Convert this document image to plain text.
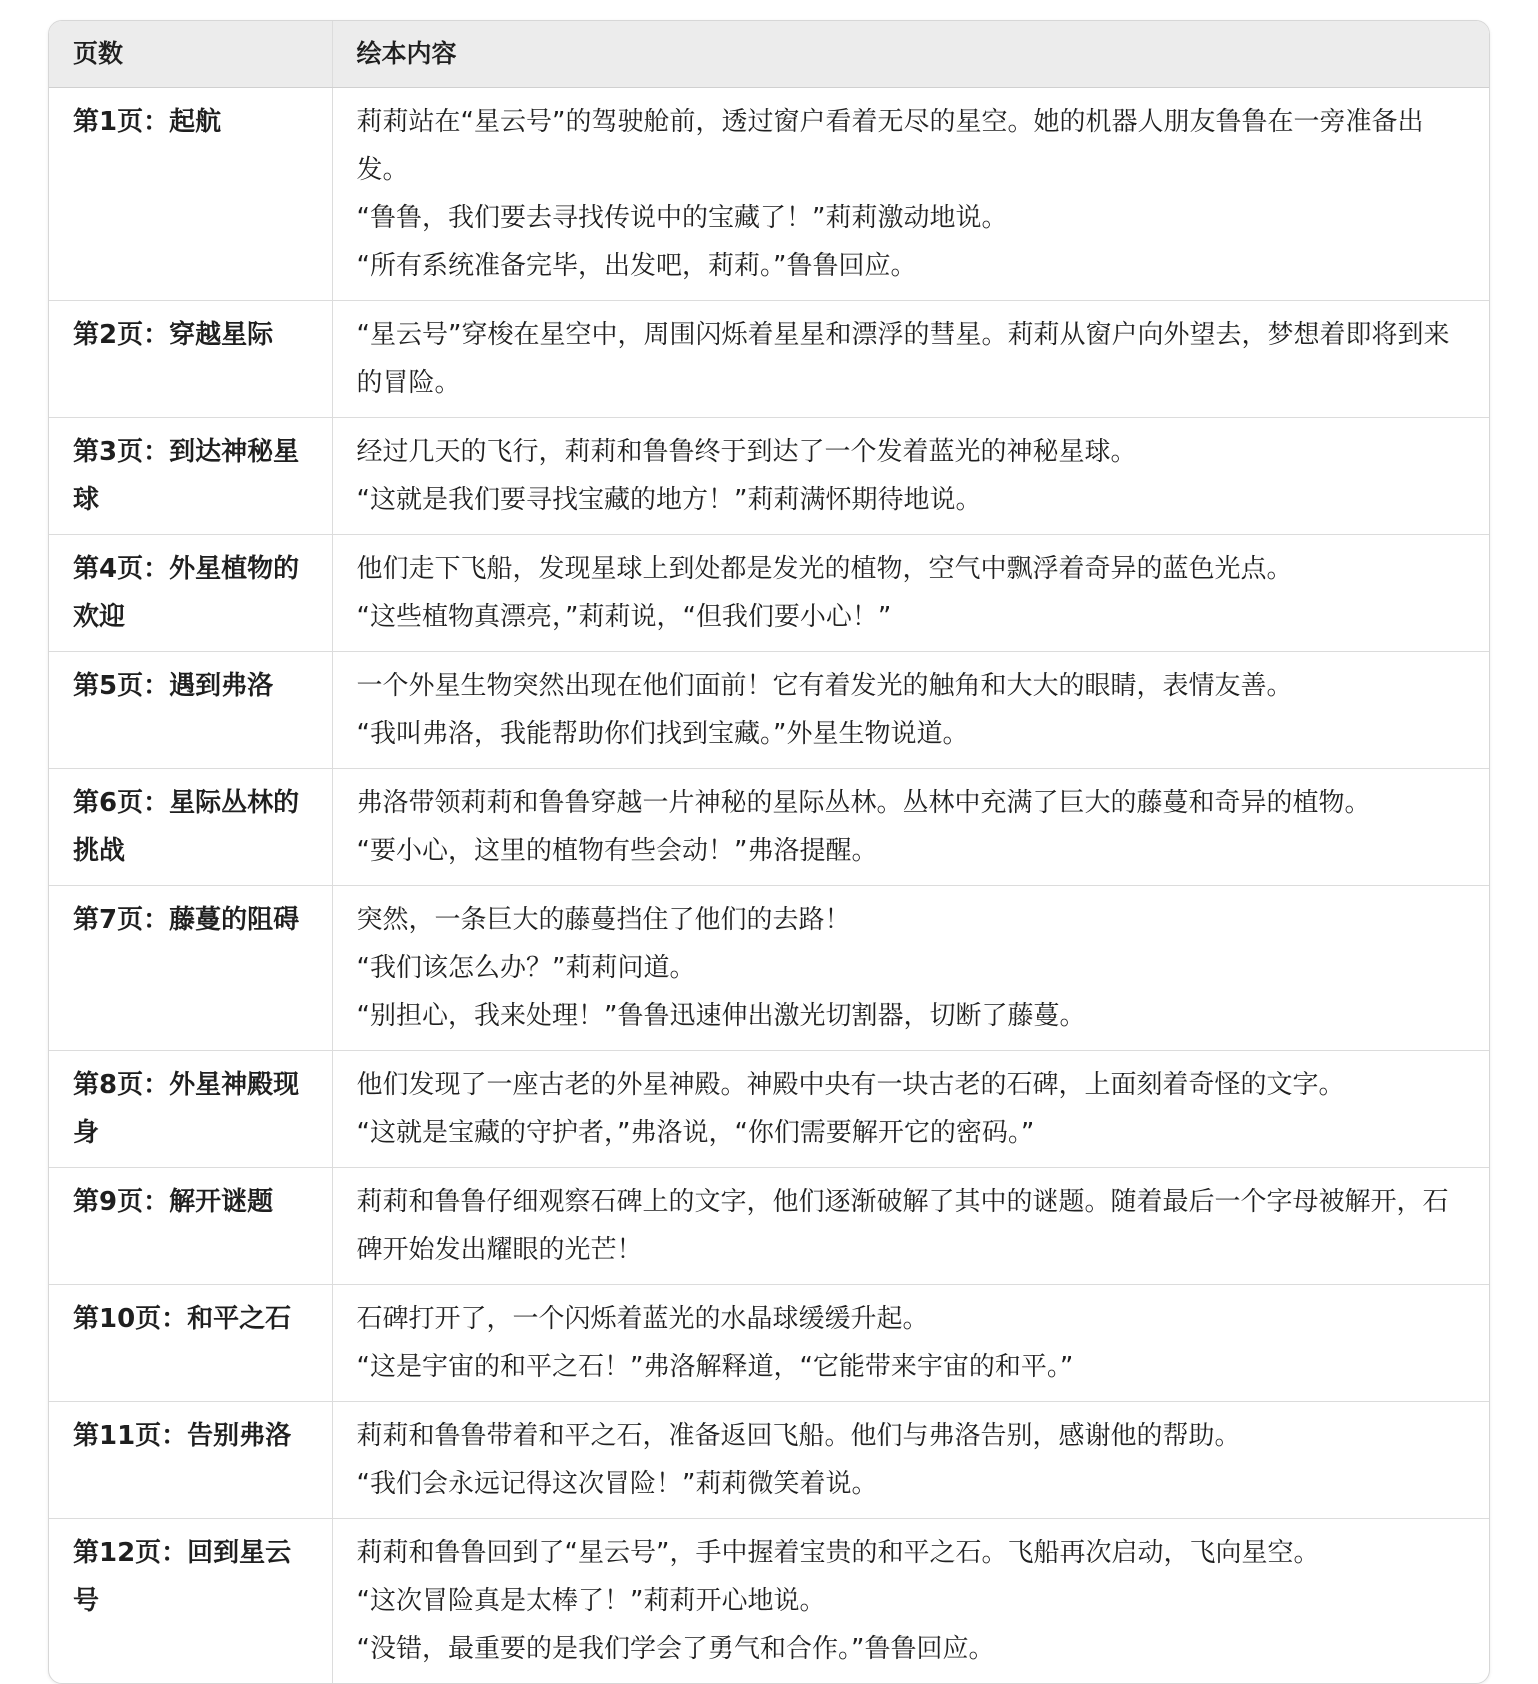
页数	绘本内容
第1页：起航	莉莉站在“星云号”的驾驶舱前，透过窗户看着无尽的星空。她的机器人朋友鲁鲁在一旁准备出发。
“鲁鲁，我们要去寻找传说中的宝藏了！”莉莉激动地说。
“所有系统准备完毕，出发吧，莉莉。”鲁鲁回应。

第2页：穿越星际	“星云号”穿梭在星空中，周围闪烁着星星和漂浮的彗星。莉莉从窗户向外望去，梦想着即将到来的冒险。

第3页：到达神秘星球	经过几天的飞行，莉莉和鲁鲁终于到达了一个发着蓝光的神秘星球。
“这就是我们要寻找宝藏的地方！”莉莉满怀期待地说。

第4页：外星植物的欢迎	他们走下飞船，发现星球上到处都是发光的植物，空气中飘浮着奇异的蓝色光点。
“这些植物真漂亮，”莉莉说，“但我们要小心！”

第5页：遇到弗洛	一个外星生物突然出现在他们面前！它有着发光的触角和大大的眼睛，表情友善。
“我叫弗洛，我能帮助你们找到宝藏。”外星生物说道。

第6页：星际丛林的挑战	弗洛带领莉莉和鲁鲁穿越一片神秘的星际丛林。丛林中充满了巨大的藤蔓和奇异的植物。
“要小心，这里的植物有些会动！”弗洛提醒。

第7页：藤蔓的阻碍	突然，一条巨大的藤蔓挡住了他们的去路！
“我们该怎么办？”莉莉问道。
“别担心，我来处理！”鲁鲁迅速伸出激光切割器，切断了藤蔓。

第8页：外星神殿现身	他们发现了一座古老的外星神殿。神殿中央有一块古老的石碑，上面刻着奇怪的文字。
“这就是宝藏的守护者，”弗洛说，“你们需要解开它的密码。”

第9页：解开谜题	莉莉和鲁鲁仔细观察石碑上的文字，他们逐渐破解了其中的谜题。随着最后一个字母被解开，石碑开始发出耀眼的光芒！

第10页：和平之石	石碑打开了，一个闪烁着蓝光的水晶球缓缓升起。
“这是宇宙的和平之石！”弗洛解释道，“它能带来宇宙的和平。”

第11页：告别弗洛	莉莉和鲁鲁带着和平之石，准备返回飞船。他们与弗洛告别，感谢他的帮助。
“我们会永远记得这次冒险！”莉莉微笑着说。

第12页：回到星云号	莉莉和鲁鲁回到了“星云号”，手中握着宝贵的和平之石。飞船再次启动，飞向星空。
“这次冒险真是太棒了！”莉莉开心地说。
“没错，最重要的是我们学会了勇气和合作。”鲁鲁回应。
